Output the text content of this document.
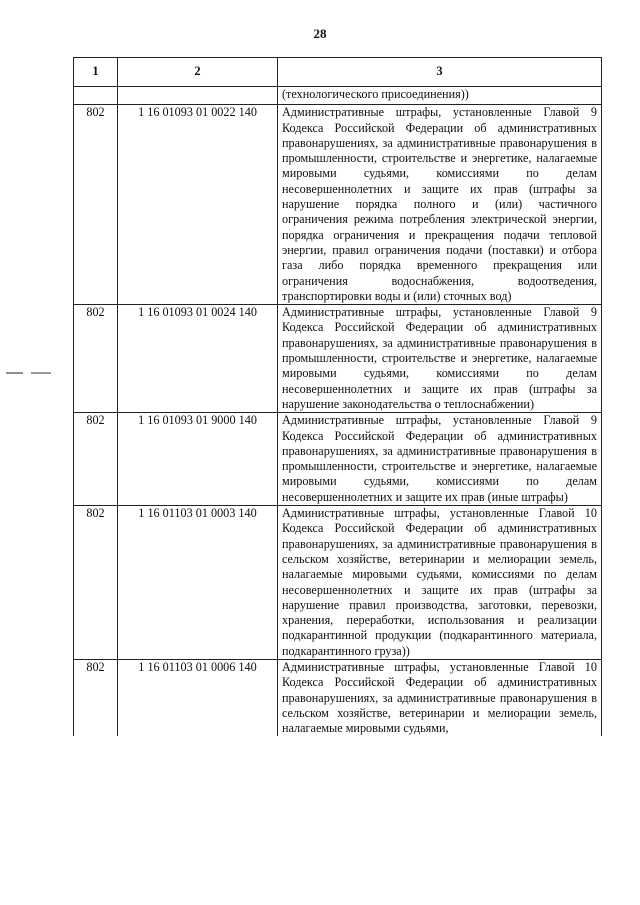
28
1	2	3
		(технологического присоединения))
802	1 16 01093 01 0022 140	Административные штрафы, установленные Главой 9 Кодекса Российской Федерации об административных правонарушениях, за административные правонарушения в промышленности, строительстве и энергетике, налагаемые мировыми судьями, комиссиями по делам несовершеннолетних и защите их прав (штрафы за нарушение порядка полного и (или) частичного ограничения режима потребления электрической энергии, порядка ограничения и прекращения подачи тепловой энергии, правил ограничения подачи (поставки) и отбора газа либо порядка временного прекращения или ограничения водоснабжения, водоотведения, транспортировки воды и (или) сточных вод)
802	1 16 01093 01 0024 140	Административные штрафы, установленные Главой 9 Кодекса Российской Федерации об административных правонарушениях, за административные правонарушения в промышленности, строительстве и энергетике, налагаемые мировыми судьями, комиссиями по делам несовершеннолетних и защите их прав (штрафы за нарушение законодательства о теплоснабжении)
802	1 16 01093 01 9000 140	Административные штрафы, установленные Главой 9 Кодекса Российской Федерации об административных правонарушениях, за административные правонарушения в промышленности, строительстве и энергетике, налагаемые мировыми судьями, комиссиями по делам несовершеннолетних и защите их прав (иные штрафы)
802	1 16 01103 01 0003 140	Административные штрафы, установленные Главой 10 Кодекса Российской Федерации об административных правонарушениях, за административные правонарушения в сельском хозяйстве, ветеринарии и мелиорации земель, налагаемые мировыми судьями, комиссиями по делам несовершеннолетних и защите их прав (штрафы за нарушение правил производства, заготовки, перевозки, хранения, переработки, использования и реализации подкарантинной продукции (подкарантинного материала, подкарантинного груза))
802	1 16 01103 01 0006 140	Административные штрафы, установленные Главой 10 Кодекса Российской Федерации об административных правонарушениях, за административные правонарушения в сельском хозяйстве, ветеринарии и мелиорации земель, налагаемые мировыми судьями,
